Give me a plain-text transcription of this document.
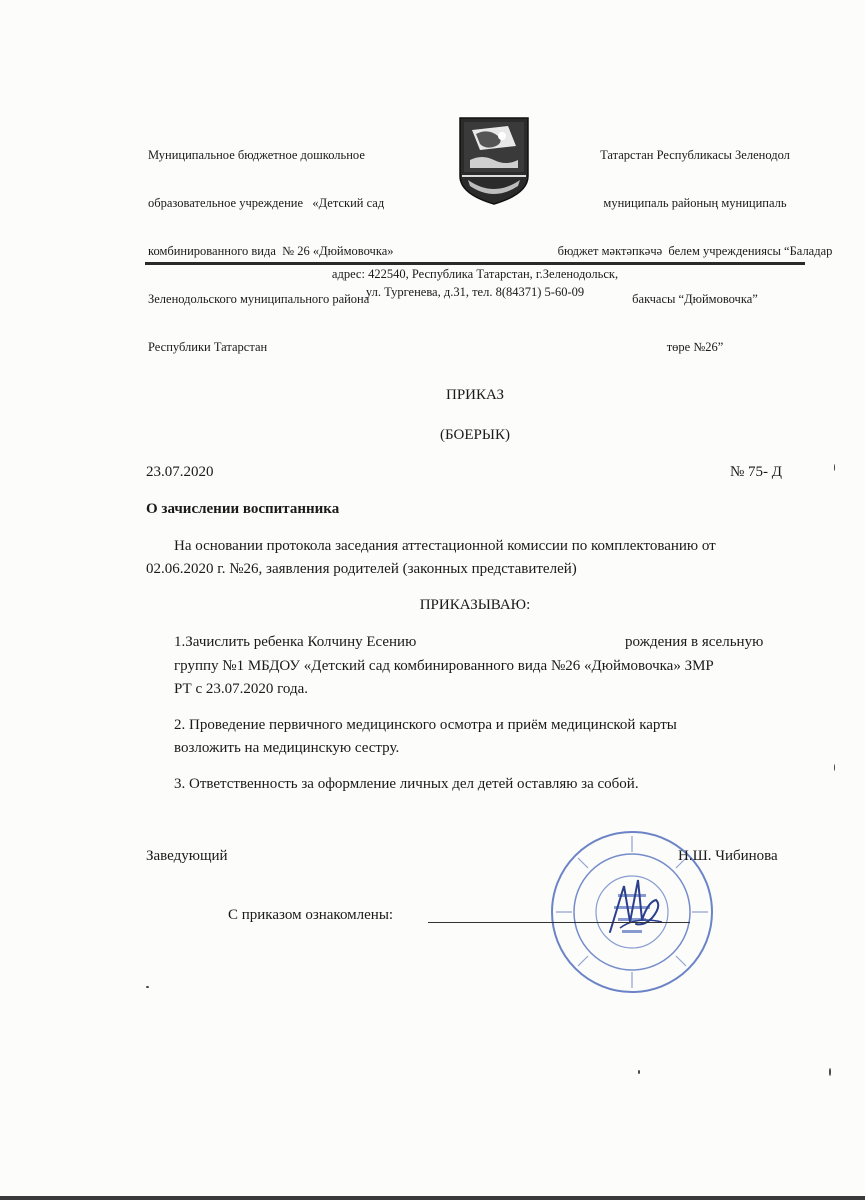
Муниципальное бюджетное дошкольное

образовательное учреждение   «Детский сад

комбинированного вида  № 26 «Дюймовочка»

Зеленодольского муниципального района

Республики Татарстан

Татарстан Республикасы Зеленодол

муниципаль районың муниципаль

бюджет мәктәпкәчә  белем учреждениясы “Баладар

бакчасы “Дюймовочка”

төре №26”

адрес: 422540, Республика Татарстан, г.Зеленодольск,
ул. Тургенева, д.31, тел. 8(84371) 5-60-09
ПРИКАЗ
(БОЕРЫК)
23.07.2020	№ 75- Д
О зачислении воспитанника
На основании протокола заседания аттестационной комиссии по комплектованию от
02.06.2020 г. №26, заявления родителей (законных представителей)
ПРИКАЗЫВАЮ:
1.Зачислить ребенка Колчину Есению	рождения в ясельную
группу №1 МБДОУ «Детский сад комбинированного вида №26 «Дюймовочка» ЗМР
РТ с 23.07.2020 года.
2. Проведение первичного медицинского осмотра и приём медицинской карты
возложить на медицинскую сестру.
3. Ответственность за оформление личных дел детей оставляю за собой.
Заведующий	Н.Ш. Чибинова
С приказом ознакомлены:
